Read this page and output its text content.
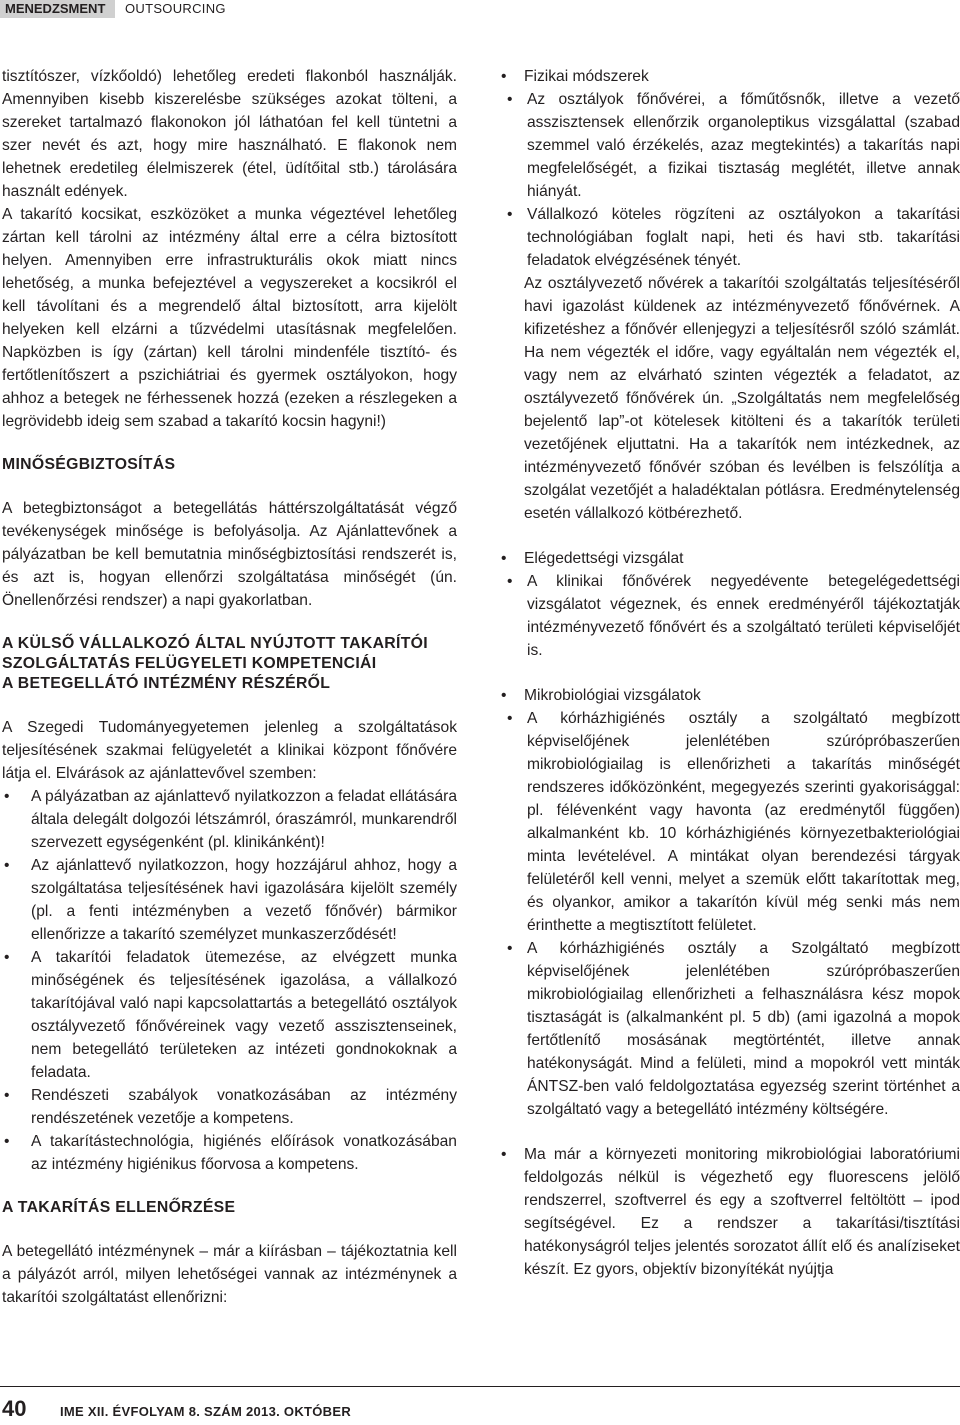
MENEDZSMENT	OUTSOURCING

tisztítószer, vízkőoldó) lehetőleg eredeti flakonból használják. Amennyiben kisebb kiszerelésbe szükséges azokat tölteni, a szereket tartalmazó flakonokon jól láthatóan fel kell tüntetni a szer nevét és azt, hogy mire használható. E flakonok nem lehetnek eredetileg élelmiszerek (étel, üdítőital stb.) tárolására használt edények.

A takarító kocsikat, eszközöket a munka végeztével lehetőleg zártan kell tárolni az intézmény által erre a célra biztosított helyen. Amennyiben erre infrastrukturális okok miatt nincs lehetőség, a munka befejeztével a vegyszereket a kocsikról el kell távolítani és a megrendelő által biztosított, arra kijelölt helyeken kell elzárni a tűzvédelmi utasításnak megfelelően. Napközben is így (zártan) kell tárolni mindenféle tisztító- és fertőtlenítőszert a pszichiátriai és gyermek osztályokon, hogy ahhoz a betegek ne férhessenek hozzá (ezeken a részlegeken a legrövidebb ideig sem szabad a takarító kocsin hagyni!)

MINŐSÉGBIZTOSÍTÁS

A betegbiztonságot a betegellátás háttérszolgáltatását végző tevékenységek minősége is befolyásolja. Az Ajánlattevőnek a pályázatban be kell bemutatnia minőségbiztosítási rendszerét is, és azt is, hogyan ellenőrzi szolgáltatása minőségét (ún. Önellenőrzési rendszer) a napi gyakorlatban.

A KÜLSŐ VÁLLALKOZÓ ÁLTAL NYÚJTOTT TAKARÍTÓI
SZOLGÁLTATÁS FELÜGYELETI KOMPETENCIÁI
A BETEGELLÁTÓ INTÉZMÉNY RÉSZÉRŐL

A Szegedi Tudományegyetemen jelenleg a szolgáltatások teljesítésének szakmai felügyeletét a klinikai központ főnővére látja el. Elvárások az ajánlattevővel szemben:

• A pályázatban az ajánlattevő nyilatkozzon a feladat ellátására általa delegált dolgozói létszámról, óraszámról, munkarendről szervezett egységenként (pl. klinikánként)!
• Az ajánlattevő nyilatkozzon, hogy hozzájárul ahhoz, hogy a szolgáltatása teljesítésének havi igazolására kijelölt személy (pl. a fenti intézményben a vezető főnővér) bármikor ellenőrizze a takarító személyzet munkaszerződését!
• A takarítói feladatok ütemezése, az elvégzett munka minőségének és teljesítésének igazolása, a vállalkozó takarítójával való napi kapcsolattartás a betegellátó osztályok osztályvezető főnővéreinek vagy vezető asszisztenseinek, nem betegellátó területeken az intézeti gondnokoknak a feladata.
• Rendészeti szabályok vonatkozásában az intézmény rendészetének vezetője a kompetens.
• A takarítástechnológia, higiénés előírások vonatkozásában az intézmény higiénikus főorvosa a kompetens.
A TAKARÍTÁS ELLENŐRZÉSE

A betegellátó intézménynek – már a kiírásban – tájékoztatnia kell a pályázót arról, milyen lehetőségei vannak az intézménynek a takarítói szolgáltatást ellenőrizni:

• Fizikai módszerek
• Az osztályok főnővérei, a főműtősnők, illetve a vezető asszisztensek ellenőrzik organoleptikus vizsgálattal (szabad szemmel való érzékelés, azaz megtekintés) a takarítás napi megfelelőségét, a fizikai tisztaság meglétét, illetve annak hiányát.
• Vállalkozó köteles rögzíteni az osztályokon a takarítási technológiában foglalt napi, heti és havi stb. takarítási feladatok elvégzésének tényét.

Az osztályvezető nővérek a takarítói szolgáltatás teljesítéséről havi igazolást küldenek az intézményvezető főnővérnek. A kifizetéshez a főnővér ellenjegyzi a teljesítésről szóló számlát. Ha nem végezték el időre, vagy egyáltalán nem végezték el, vagy nem az elvárható szinten végezték a feladatot, az osztályvezető főnővérek ún. „Szolgáltatás nem megfelelőség bejelentő lap”-ot kötelesek kitölteni és a takarítók területi vezetőjének eljuttatni. Ha a takarítók nem intézkednek, az intézményvezető főnővér szóban és levélben is felszólítja a szolgálat vezetőjét a haladéktalan pótlásra. Eredménytelenség esetén vállalkozó kötbérezhető.

• Elégedettségi vizsgálat
• A klinikai főnővérek negyedévente betegelégedettségi vizsgálatot végeznek, és ennek eredményéről tájékoztatják intézményvezető főnővért és a szolgáltató területi képviselőjét is.
• Mikrobiológiai vizsgálatok
• A kórházhigiénés osztály a szolgáltató megbízott képviselőjének jelenlétében szúrópróbaszerűen mikrobiológiailag is ellenőrizheti a takarítás minőségét rendszeres időközönként, megegyezés szerinti gyakorisággal: pl. félévenként vagy havonta (az eredménytől függően) alkalmanként kb. 10 kórházhigiénés környezetbakteriológiai minta levételével. A mintákat olyan berendezési tárgyak felületéről kell venni, melyet a szemük előtt takarítottak meg, és olyankor, amikor a takarítón kívül még senki más nem érinthette a megtisztított felületet.
• A kórházhigiénés osztály a Szolgáltató megbízott képviselőjének jelenlétében szúrópróbaszerűen mikrobiológiailag ellenőrizheti a felhasználásra kész mopok tisztaságát is (alkalmanként pl. 5 db) (ami igazolná a mopok fertőtlenítő mosásának megtörténtét, illetve annak hatékonyságát. Mind a felületi, mind a mopokról vett minták ÁNTSZ-ben való feldolgoztatása egyezség szerint történhet a szolgáltató vagy a betegellátó intézmény költségére.

• Ma már a környezeti monitoring mikrobiológiai laboratóriumi feldolgozás nélkül is végezhető egy fluorescens jelölő rendszerrel, szoftverrel és egy a szoftverrel feltöltött – ipod segítségével. Ez a rendszer a takarítási/tisztítási hatékonyságról teljes jelentés sorozatot állít elő és analíziseket készít. Ez gyors, objektív bizonyítékát nyújtja

40	IME XII. ÉVFOLYAM 8. SZÁM 2013. OKTÓBER
